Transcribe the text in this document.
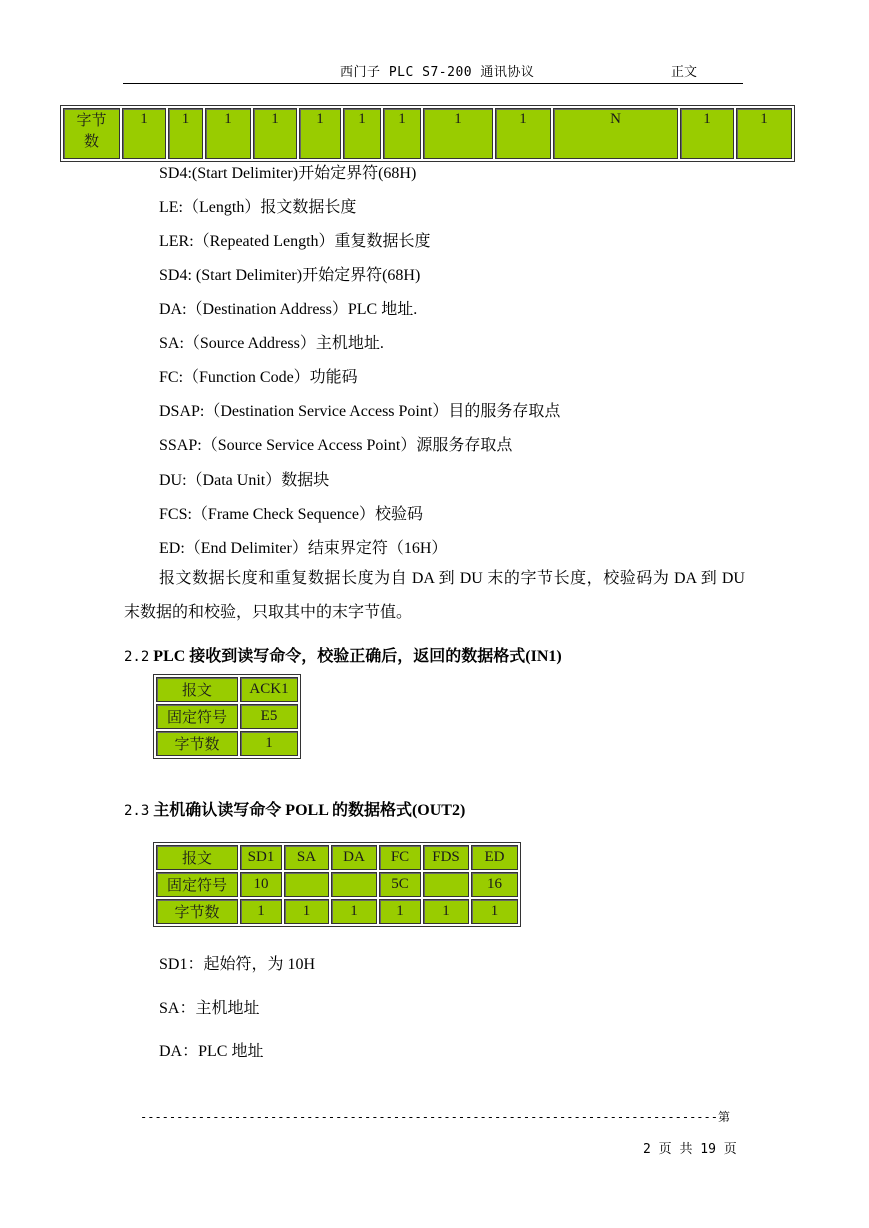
西门子 PLC S7-200 通讯协议	正文
字节
数	1	1	1	1	1	1	1	1	1	N	1	1
SD4:(Start Delimiter)开始定界符(68H)
LE:（Length）报文数据长度
LER:（Repeated Length）重复数据长度
SD4: (Start Delimiter)开始定界符(68H)
DA:（Destination Address）PLC 地址.
SA:（Source Address）主机地址.
FC:（Function Code）功能码
DSAP:（Destination Service Access Point）目的服务存取点
SSAP:（Source Service Access Point）源服务存取点
DU:（Data Unit）数据块
FCS:（Frame Check Sequence）校验码
ED:（End Delimiter）结束界定符（16H）
报文数据长度和重复数据长度为自 DA 到 DU 末的字节长度，校验码为 DA 到 DU 末数据的和校验，只取其中的末字节值。
2.2 PLC 接收到读写命令，校验正确后，返回的数据格式(IN1)
报文	ACK1
固定符号	E5
字节数	1
2.3 主机确认读写命令 POLL 的数据格式(OUT2)
报文	SD1	SA	DA	FC	FDS	ED
固定符号	10			5C		16
字节数	1	1	1	1	1	1
SD1：起始符，为 10H
SA：主机地址
DA：PLC 地址
--------------------------------------------------------------------------------第
2 页 共 19 页
